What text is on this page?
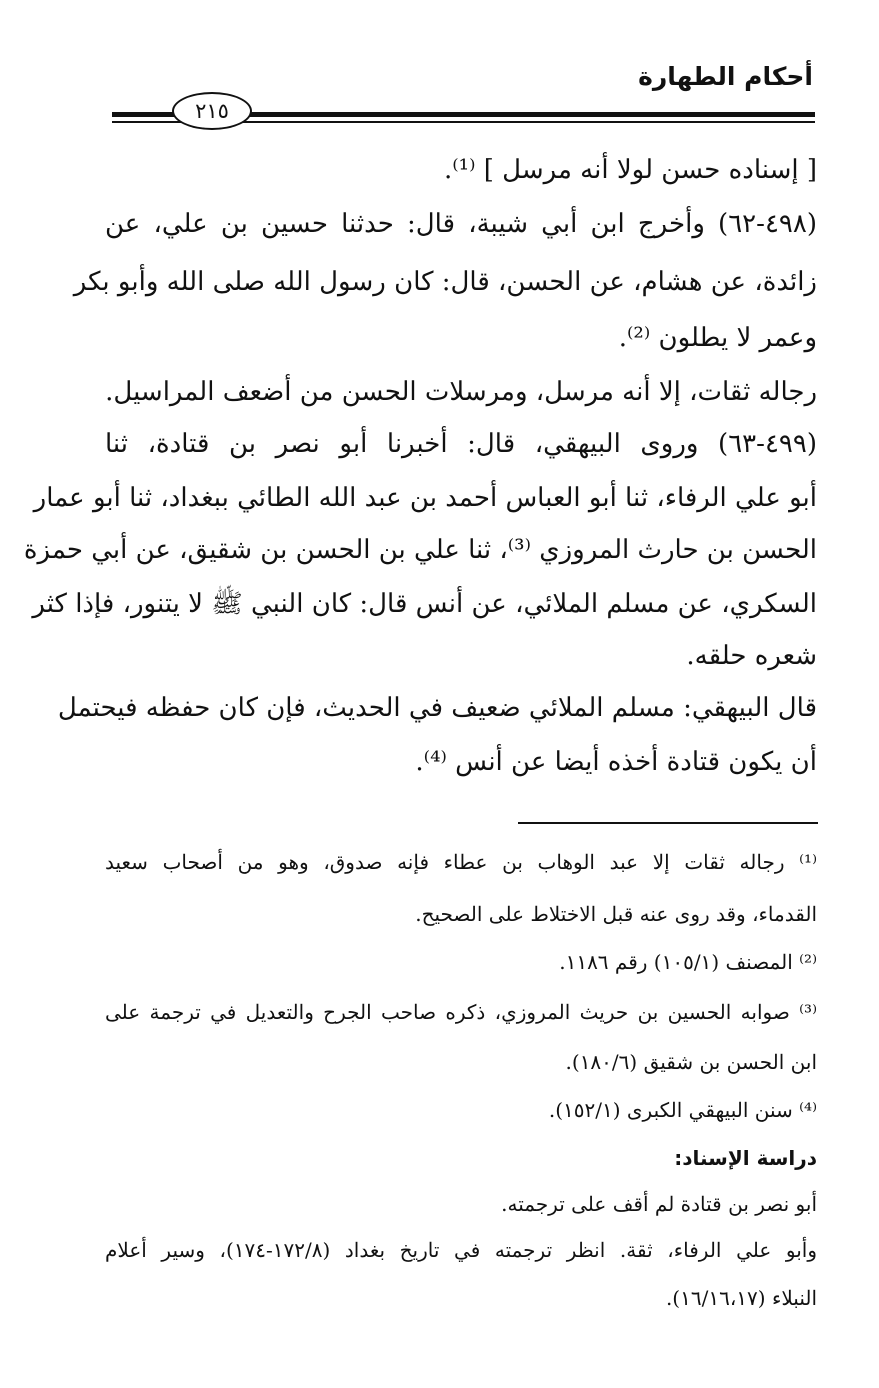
أحكام الطهارة
٢١٥

[ إسناده حسن لولا أنه مرسل ] ⁽¹⁾.

(٤٩٨-٦٢) وأخرج ابن أبي شيبة، قال: حدثنا حسين بن علي، عن

زائدة، عن هشام، عن الحسن، قال: كان رسول الله صلى الله وأبو بكر

وعمر لا يطلون ⁽²⁾.

رجاله ثقات، إلا أنه مرسل، ومرسلات الحسن من أضعف المراسيل.

(٤٩٩-٦٣) وروى البيهقي، قال: أخبرنا أبو نصر بن قتادة، ثنا

أبو علي الرفاء، ثنا أبو العباس أحمد بن عبد الله الطائي ببغداد، ثنا أبو عمار

الحسن بن حارث المروزي ⁽³⁾، ثنا علي بن الحسن بن شقيق، عن أبي حمزة

السكري، عن مسلم الملائي، عن أنس قال: كان النبي ﷺ لا يتنور، فإذا كثر

شعره حلقه.

قال البيهقي: مسلم الملائي ضعيف في الحديث، فإن كان حفظه فيحتمل

أن يكون قتادة أخذه أيضا عن أنس ⁽⁴⁾.

⁽¹⁾ رجاله ثقات إلا عبد الوهاب بن عطاء فإنه صدوق، وهو من أصحاب سعيد

القدماء، وقد روى عنه قبل الاختلاط على الصحيح.

⁽²⁾ المصنف (١٠٥/١) رقم ١١٨٦.

⁽³⁾ صوابه الحسين بن حريث المروزي، ذكره صاحب الجرح والتعديل في ترجمة على

ابن الحسن بن شقيق (١٨٠/٦).

⁽⁴⁾ سنن البيهقي الكبرى (١٥٢/١).

دراسة الإسناد:

أبو نصر بن قتادة لم أقف على ترجمته.

وأبو علي الرفاء، ثقة. انظر ترجمته في تاريخ بغداد (١٧٢/٨-١٧٤)، وسير أعلام

النبلاء (١٦/١٦،١٧).
